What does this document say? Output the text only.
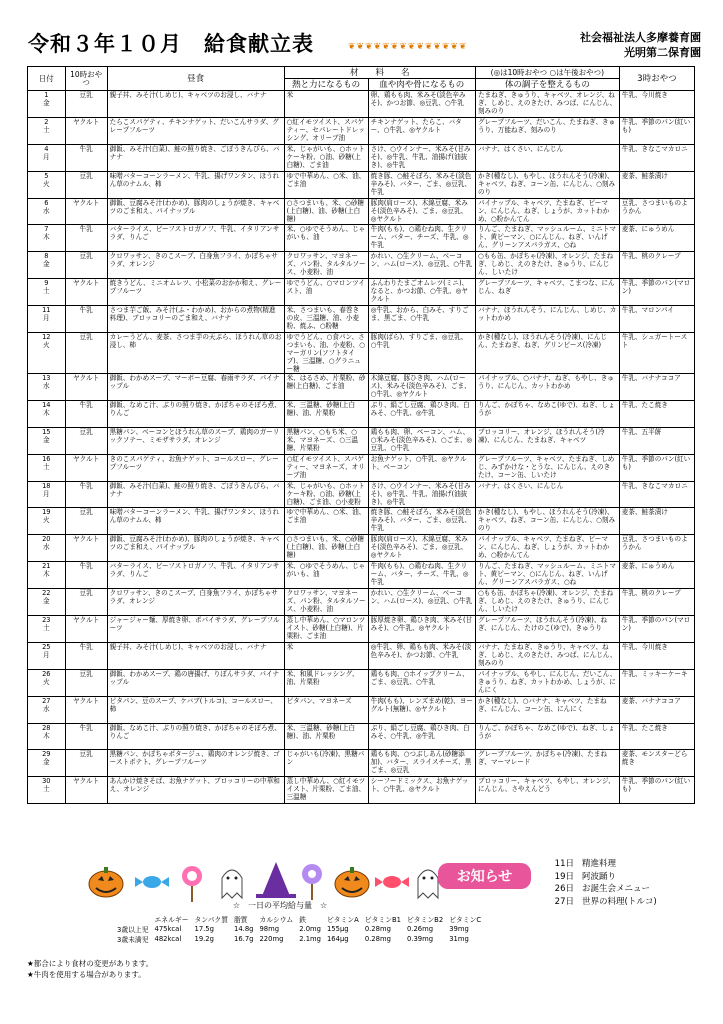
令和３年１０月　給食献立表	❦❦❦❦❦❦❦❦❦❦❦❦❦❦
社会福祉法人多摩養育園
光明第二保育園
日付	10時おやつ	昼食	材　　料　　名		(◎は10時おやつ ○は午後おやつ)	3時おやつ
			熱と力になるもの	血や肉や骨になるもの	体の調子を整えるもの	

1
金	豆乳	親子丼、みそ汁(しめじ)、キャベツのお浸し、バナナ	米	卵、鶏もも肉、米みそ(淡色辛みそ)、かつお節、◎豆乳、○牛乳	たまねぎ、きゅうり、キャベツ、オレンジ、ねぎ、しめじ、えのきたけ、みつば、にんじん、刻みのり	牛乳、今川焼き

2
土	ヤクルト	たらこスパゲティ、チキンナゲット、だいこんサラダ、グレープフルーツ	○紅イモツイスト、スパゲティー、セパレートドレッシング、オリーブ油	チキンナゲット、たらこ、バター、○牛乳、◎ヤクルト	グレープフルーツ、だいこん、たまねぎ、きゅうり、万能ねぎ、刻みのり	牛乳、季節のパン(紅いも)

4
月	牛乳	御飯、みそ汁(白菜)、鮭の照り焼き、ごぼうきんぴら、バナナ	米、じゃがいも、○ホットケーキ粉、○油、砂糖(上白糖)、ごま油	さけ、○ウインナー、米みそ(甘みそ)、◎牛乳、牛乳、油揚げ(油抜き)、◎牛乳	バナナ、はくさい、にんじん	牛乳、きなこマカロニ

5
火	豆乳	味噌バターコーンラーメン、牛乳、揚げワンタン、ほうれん草のナムル、柿	ゆで中華めん、○米、油、ごま油	焼き豚、○鮭そぼろ、米みそ(淡色辛みそ)、バター、ごま、◎豆乳、牛乳	かき(種なし)、もやし、ほうれんそう(冷凍)、キャベツ、ねぎ、コーン缶、にんじん、○刻みのり	麦茶、鮭茶漬け

6
水	ヤクルト	御飯、豆腐みそ汁(わかめ)、豚肉のしょうが焼き、キャベツのごま和え、パイナップル	○さつまいも、米、○砂糖(上白糖)、油、砂糖(上白糖)	豚肉(肩ロース)、木綿豆腐、米みそ(淡色辛みそ)、ごま、◎豆乳、◎ヤクルト	パイナップル、キャベツ、たまねぎ、ピーマン、にんじん、ねぎ、しょうが、カットわかめ、○粉かんてん	豆乳、さつまいものようかん

7
木	牛乳	バターライス、ビーフストロガノフ、牛乳、イタリアンサラダ、りんご	米、○ゆでそうめん、じゃがいも、油	牛肉(もも)、○鶏むね肉、生クリーム、バター、チーズ、牛乳、◎牛乳	りんご、たまねぎ、マッシュルーム、ミニトマト、黄ピーマン、○にんじん、ねぎ、いんげん、グリーンアスパラガス、○ね	麦茶、にゅうめん

8
金	豆乳	クロワッサン、きのこスープ、白身魚フライ、かぼちゃサラダ、オレンジ	クロワッサン、マヨネーズ、パン粉、タルタルソース、小麦粉、油	かれい、○生クリーム、ベーコン、ハム(ロース)、◎豆乳、○牛乳	○もも缶、かぼちゃ(冷凍)、オレンジ、たまねぎ、しめじ、えのきたけ、きゅうり、にんじん、しいたけ	牛乳、桃のクレープ

9
土	ヤクルト	焼きうどん、ミニオムレツ、小松菜のおかか和え、グレープフルーツ	ゆでうどん、○マロンツイスト、油	ふんわりたまごオムレツ(ミニ)、なると、かつお節、○牛乳、◎ヤクルト	グレープフルーツ、キャベツ、こまつな、にんじん、ねぎ	牛乳、季節のパン(マロン)

11
月	牛乳	さつま芋ご飯、みそ汁(ふ・わかめ)、おからの煮物(精進料理)、ブロッコリーのごま和え、バナナ	米、さつまいも、春巻きの皮、三温糖、油、小麦粉、焼ふ、○粉糖	◎牛乳、おから、白みそ、すりごま、黒ごま、○牛乳	バナナ、ほうれんそう、にんじん、しめじ、カットわかめ	牛乳、マロンパイ

12
火	豆乳	カレーうどん、麦茶、さつま芋の天ぷら、ほうれん草のお浸し、柿	ゆでうどん、○食パン、さつまいも、油、小麦粉、○マーガリン(ソフトタイプ)、三温糖、○グラニュー糖	豚肉(ばら)、すりごま、◎豆乳、○牛乳	かき(種なし)、ほうれんそう(冷凍)、にんじん、たまねぎ、ねぎ、グリンピース(冷凍)	牛乳、シュガートースト

13
水	ヤクルト	御飯、わかめスープ、マーボー豆腐、春雨サラダ、パイナップル	米、はるさめ、片栗粉、砂糖(上白糖)、ごま油	木綿豆腐、豚ひき肉、ハム(ロース)、米みそ(淡色辛みそ)、ごま、○牛乳、◎ヤクルト	パイナップル、○バナナ、ねぎ、もやし、きゅうり、にんじん、カットわかめ	牛乳、バナナココア

14
木	牛乳	御飯、なめこ汁、ぶりの照り焼き、かぼちゃのそぼろ煮、りんご	米、三温糖、砂糖(上白糖)、油、片栗粉	ぶり、絹ごし豆腐、鶏ひき肉、白みそ、○牛乳、◎牛乳	りんご、かぼちゃ、なめこ(ゆで)、ねぎ、しょうが	牛乳、たこ焼き

15
金	豆乳	黒糖パン、ベーコンとほうれん草のスープ、鶏肉のガーリックソテー、ミモザサラダ、オレンジ	黒糖パン、○もち米、○米、マヨネーズ、○三温糖、片栗粉	鶏もも肉、卵、ベーコン、ハム、○米みそ(淡色辛みそ)、○ごま、◎豆乳、○牛乳	ブロッコリー、オレンジ、ほうれんそう(冷凍)、にんじん、たまねぎ、キャベツ	牛乳、五平餅

16
土	ヤクルト	きのこスパゲティ、お魚ナゲット、コールスロー、グレープフルーツ	○紅イモツイスト、スパゲティー、マヨネーズ、オリーブ油	お魚ナゲット、○牛乳、◎ヤクルト、ベーコン	グレープフルーツ、キャベツ、たまねぎ、しめじ、みずかけな・とうな、にんじん、えのきたけ、コーン缶、しいたけ	牛乳、季節のパン(紅いも)

18
月	牛乳	御飯、みそ汁(白菜)、鮭の照り焼き、ごぼうきんぴら、バナナ	米、じゃがいも、○ホットケーキ粉、○油、砂糖(上白糖)、ごま油、○小麦粉	さけ、○ウインナー、米みそ(甘みそ)、◎牛乳、牛乳、油揚げ(油抜き)、◎牛乳	バナナ、はくさい、にんじん	牛乳、きなこマカロニ

19
火	豆乳	味噌バターコーンラーメン、牛乳、揚げワンタン、ほうれん草のナムル、柿	ゆで中華めん、○米、油、ごま油	焼き豚、○鮭そぼろ、米みそ(淡色辛みそ)、バター、ごま、◎豆乳、牛乳	かき(種なし)、もやし、ほうれんそう(冷凍)、キャベツ、ねぎ、コーン缶、にんじん、○刻みのり	麦茶、鮭茶漬け

20
水	ヤクルト	御飯、豆腐みそ汁(わかめ)、豚肉のしょうが焼き、キャベツのごま和え、パイナップル	○さつまいも、米、○砂糖(上白糖)、油、砂糖(上白糖)	豚肉(肩ロース)、木綿豆腐、米みそ(淡色辛みそ)、ごま、◎豆乳、◎ヤクルト	パイナップル、キャベツ、たまねぎ、ピーマン、にんじん、ねぎ、しょうが、カットわかめ、○粉かんてん	豆乳、さつまいものようかん

21
木	牛乳	バターライス、ビーフストロガノフ、牛乳、イタリアンサラダ、りんご	米、○ゆでそうめん、じゃがいも、油	牛肉(もも)、○鶏むね肉、生クリーム、バター、チーズ、牛乳、◎牛乳	りんご、たまねぎ、マッシュルーム、ミニトマト、黄ピーマン、○にんじん、ねぎ、いんげん、グリーンアスパラガス、○ね	麦茶、にゅうめん

22
金	豆乳	クロワッサン、きのこスープ、白身魚フライ、かぼちゃサラダ、オレンジ	クロワッサン、マヨネーズ、パン粉、タルタルソース、小麦粉、油	かれい、○生クリーム、ベーコン、ハム(ロース)、◎豆乳、○牛乳	○もも缶、かぼちゃ(冷凍)、オレンジ、たまねぎ、しめじ、えのきたけ、きゅうり、にんじん、しいたけ	牛乳、桃のクレープ

23
土	ヤクルト	ジャージャー麺、厚焼き卵、ポパイサラダ、グレープフルーツ	蒸し中華めん、○マロンツイスト、砂糖(上白糖)、片栗粉、ごま油	豚厚焼き卵、鶏ひき肉、米みそ(甘みそ)、○牛乳、◎ヤクルト	グレープフルーツ、ほうれんそう(冷凍)、ねぎ、にんじん、たけのこ(ゆで)、きゅうり	牛乳、季節のパン(マロン)

25
月	牛乳	親子丼、みそ汁(しめじ)、キャベツのお浸し、バナナ	米	◎牛乳、卵、鶏もも肉、米みそ(淡色辛みそ)、かつお節、○牛乳	バナナ、たまねぎ、きゅうり、キャベツ、ねぎ、しめじ、えのきたけ、みつば、にんじん、刻みのり	牛乳、今川焼き

26
火	豆乳	御飯、わかめスープ、鶏の唐揚げ、りぼんサラダ、パイナップル	米、和風ドレッシング、油、片栗粉	鶏もも肉、○ホイップクリーム、ごま、◎豆乳、○牛乳	パイナップル、もやし、にんじん、だいこん、きゅうり、ねぎ、カットわかめ、しょうが、にんにく	牛乳、ミッキーケーキ

27
水	ヤクルト	ピタパン、豆のスープ、ケバブ(トルコ)、コールスロー、柿	ピタパン、マヨネーズ	牛肉(もも)、レンズまめ(乾)、ヨーグルト(無糖)、◎ヤクルト	かき(種なし)、○バナナ、キャベツ、たまねぎ、にんじん、コーン缶、にんにく	麦茶、バナナココア

28
木	牛乳	御飯、なめこ汁、ぶりの照り焼き、かぼちゃのそぼろ煮、りんご	米、三温糖、砂糖(上白糖)、油、片栗粉	ぶり、絹ごし豆腐、鶏ひき肉、白みそ、○牛乳、◎牛乳	りんご、かぼちゃ、なめこ(ゆで)、ねぎ、しょうが	牛乳、たこ焼き

29
金	豆乳	黒糖パン、かぼちゃポタージュ、鶏肉のオレンジ焼き、ゴーストポテト、グレープフルーツ	じゃがいも(冷凍)、黒糖パン	鶏もも肉、○つぶしあん(砂糖添加)、バター、スライスチーズ、黒ごま、◎豆乳	グレープフルーツ、かぼちゃ(冷凍)、たまねぎ、マーマレード	麦茶、モンスターどら焼き

30
土	ヤクルト	あんかけ焼きそば、お魚ナゲット、ブロッコリーの中華和え、オレンジ	蒸し中華めん、○紅イモツイスト、片栗粉、ごま油、三温糖	シーフードミックス、お魚ナゲット、○牛乳、◎ヤクルト	ブロッコリー、キャベツ、もやし、オレンジ、にんじん、さやえんどう	牛乳、季節のパン(紅いも)
☆　一日の平均給与量　☆
	エネルギー	タンパク質	脂質	カルシウム	鉄	ビタミンA	ビタミンB1	ビタミンB2	ビタミンC
3歳以上児	475kcal	17.5g	14.8g	98mg	2.0mg	155μg	0.28mg	0.26mg	39mg
3歳未満児	482kcal	19.2g	16.7g	220mg	2.1mg	164μg	0.28mg	0.39mg	31mg
お知らせ
11日 精進料理
19日 阿波踊り
26日 お誕生会メニュー
27日 世界の料理(トルコ)
★都合により食材の変更があります。
★牛肉を使用する場合があります。
